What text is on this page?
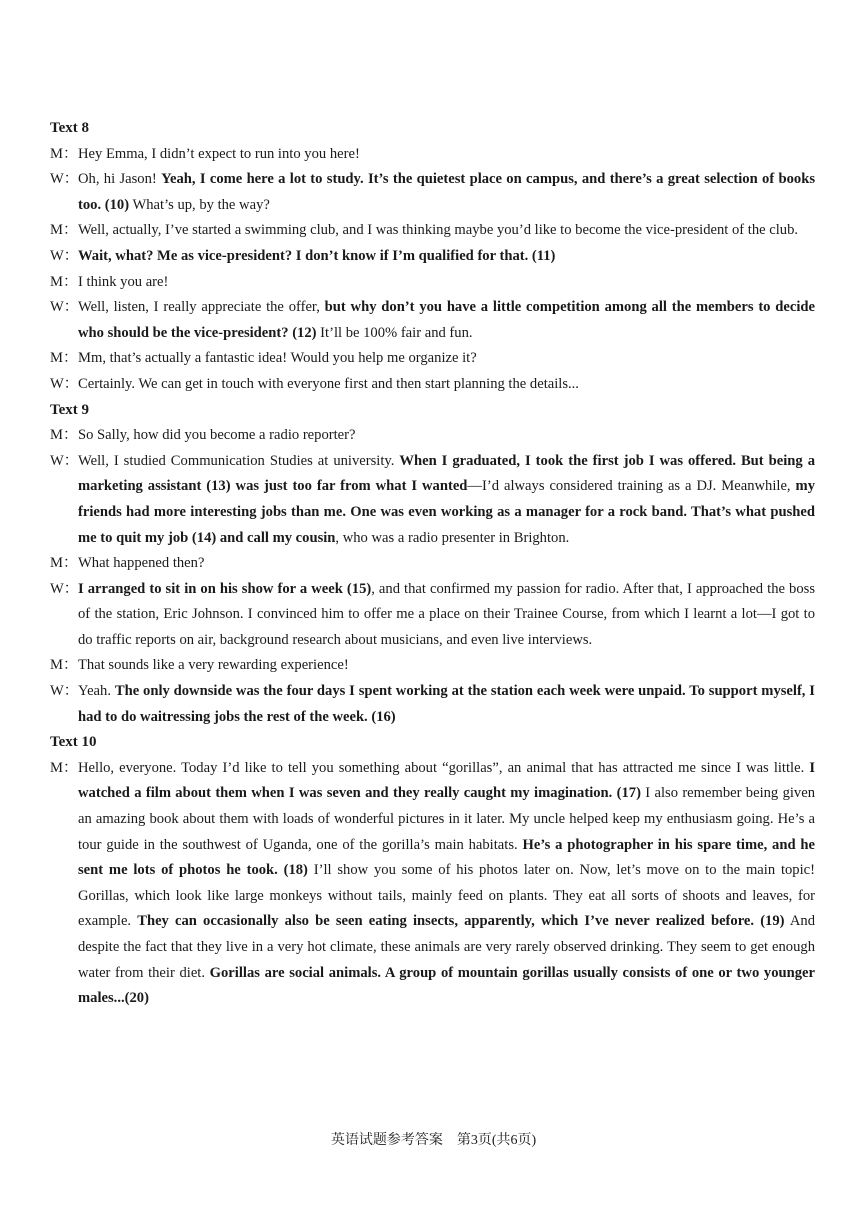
Text 8
M： Hey Emma, I didn’t expect to run into you here!
W： Oh, hi Jason! Yeah, I come here a lot to study. It’s the quietest place on campus, and there’s a great selection of books too. (10) What’s up, by the way?
M： Well, actually, I’ve started a swimming club, and I was thinking maybe you’d like to become the vice-president of the club.
W： Wait, what? Me as vice-president? I don’t know if I’m qualified for that. (11)
M： I think you are!
W： Well, listen, I really appreciate the offer, but why don’t you have a little competition among all the members to decide who should be the vice-president? (12) It’ll be 100% fair and fun.
M： Mm, that’s actually a fantastic idea! Would you help me organize it?
W： Certainly. We can get in touch with everyone first and then start planning the details...
Text 9
M： So Sally, how did you become a radio reporter?
W： Well, I studied Communication Studies at university. When I graduated, I took the first job I was offered. But being a marketing assistant (13) was just too far from what I wanted—I’d always considered training as a DJ. Meanwhile, my friends had more interesting jobs than me. One was even working as a manager for a rock band. That’s what pushed me to quit my job (14) and call my cousin, who was a radio presenter in Brighton.
M： What happened then?
W： I arranged to sit in on his show for a week (15), and that confirmed my passion for radio. After that, I approached the boss of the station, Eric Johnson. I convinced him to offer me a place on their Trainee Course, from which I learnt a lot—I got to do traffic reports on air, background research about musicians, and even live interviews.
M： That sounds like a very rewarding experience!
W： Yeah. The only downside was the four days I spent working at the station each week were unpaid. To support myself, I had to do waitressing jobs the rest of the week. (16)
Text 10
M： Hello, everyone. Today I’d like to tell you something about “gorillas”, an animal that has attracted me since I was little. I watched a film about them when I was seven and they really caught my imagination. (17) I also remember being given an amazing book about them with loads of wonderful pictures in it later. My uncle helped keep my enthusiasm going. He’s a tour guide in the southwest of Uganda, one of the gorilla’s main habitats. He’s a photographer in his spare time, and he sent me lots of photos he took. (18) I’ll show you some of his photos later on. Now, let’s move on to the main topic! Gorillas, which look like large monkeys without tails, mainly feed on plants. They eat all sorts of shoots and leaves, for example. They can occasionally also be seen eating insects, apparently, which I’ve never realized before. (19) And despite the fact that they live in a very hot climate, these animals are very rarely observed drinking. They seem to get enough water from their diet. Gorillas are social animals. A group of mountain gorillas usually consists of one or two younger males...(20)
英语试题参考答案　第3页(共6页)
